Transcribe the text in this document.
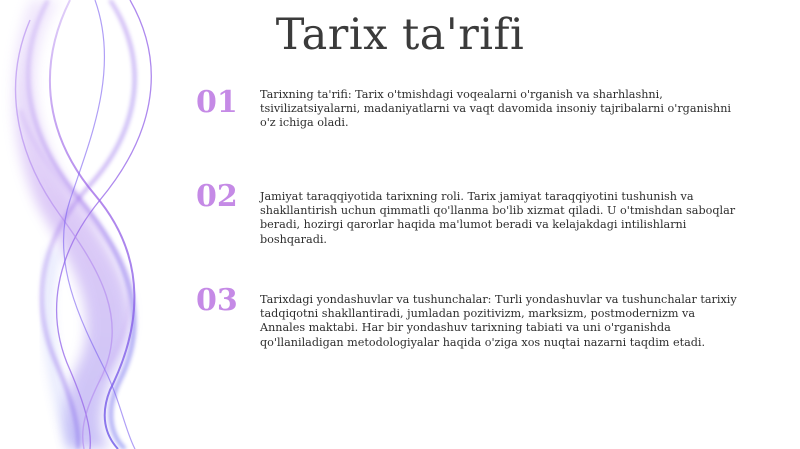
Tarix ta'rifi
01	Tarixning ta'rifi: Tarix o'tmishdagi voqealarni o'rganish va sharhlashni, tsivilizatsiyalarni, madaniyatlarni va vaqt davomida insoniy tajribalarni o'rganishni o'z ichiga oladi.
02	Jamiyat taraqqiyotida tarixning roli. Tarix jamiyat taraqqiyotini tushunish va shakllantirish uchun qimmatli qo'llanma bo'lib xizmat qiladi. U o'tmishdan saboqlar beradi, hozirgi qarorlar haqida ma'lumot beradi va kelajakdagi intilishlarni boshqaradi.
03	Tarixdagi yondashuvlar va tushunchalar: Turli yondashuvlar va tushunchalar tarixiy tadqiqotni shakllantiradi, jumladan pozitivizm, marksizm, postmodernizm va Annales maktabi. Har bir yondashuv tarixning tabiati va uni o'rganishda qo'llaniladigan metodologiyalar haqida o'ziga xos nuqtai nazarni taqdim etadi.
